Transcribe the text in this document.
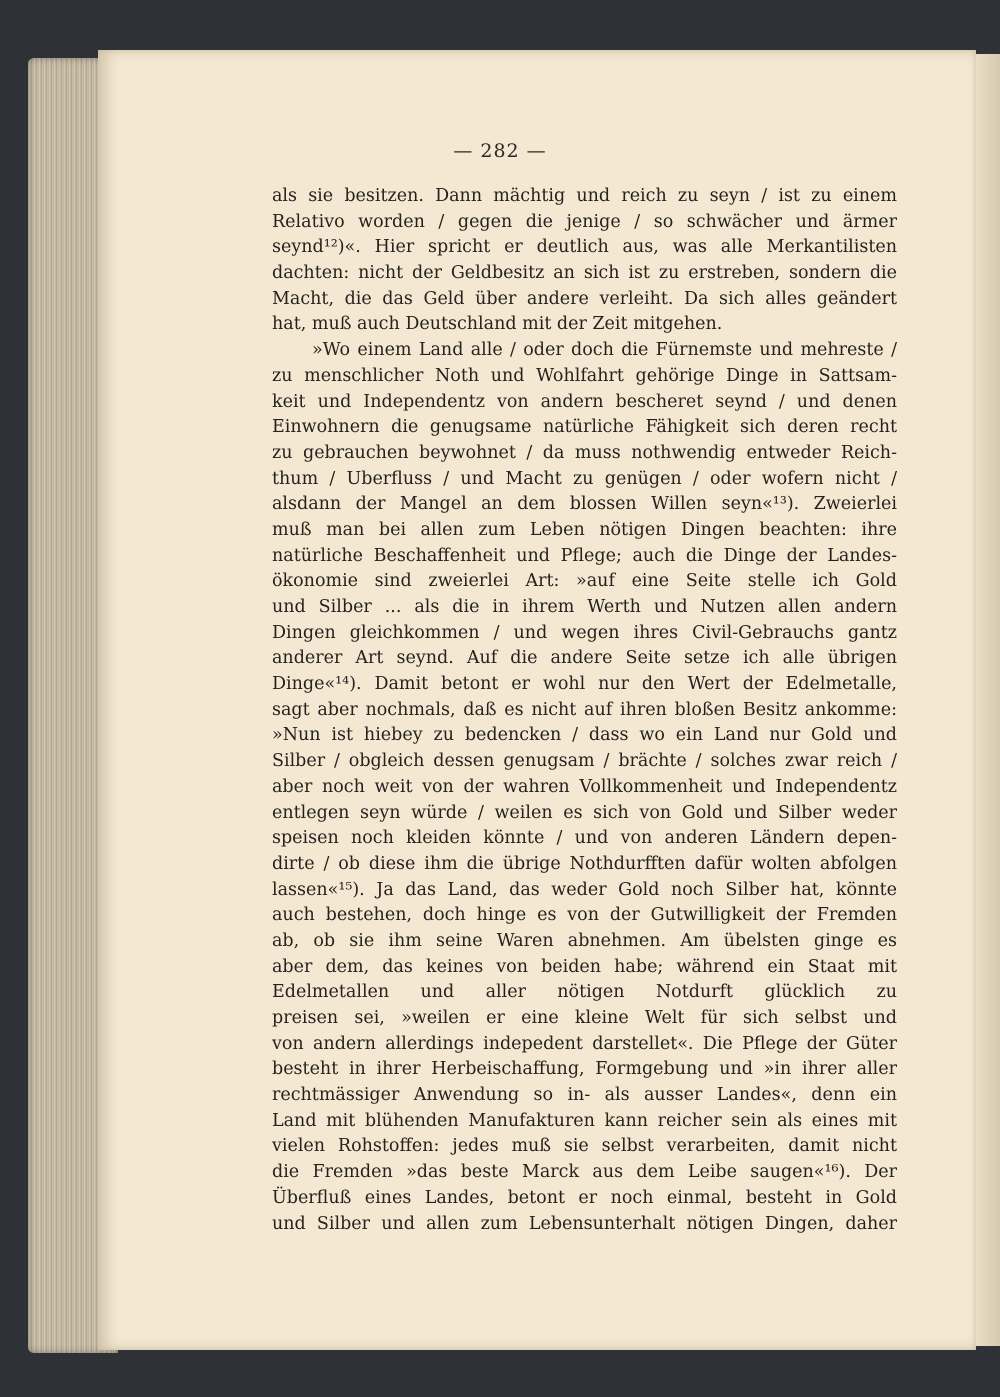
— 282 —
als sie besitzen. Dann mächtig und reich zu seyn / ist zu einem
Relativo worden / gegen die jenige / so schwächer und ärmer
seynd¹²)«. Hier spricht er deutlich aus, was alle Merkantilisten
dachten: nicht der Geldbesitz an sich ist zu erstreben, sondern die
Macht, die das Geld über andere verleiht. Da sich alles geändert
hat, muß auch Deutschland mit der Zeit mitgehen.
»Wo einem Land alle / oder doch die Fürnemste und mehreste /
zu menschlicher Noth und Wohlfahrt gehörige Dinge in Sattsam-
keit und Independentz von andern bescheret seynd / und denen
Einwohnern die genugsame natürliche Fähigkeit sich deren recht
zu gebrauchen beywohnet / da muss nothwendig entweder Reich-
thum / Uberfluss / und Macht zu genügen / oder wofern nicht /
alsdann der Mangel an dem blossen Willen seyn«¹³). Zweierlei
muß man bei allen zum Leben nötigen Dingen beachten: ihre
natürliche Beschaffenheit und Pflege; auch die Dinge der Landes-
ökonomie sind zweierlei Art: »auf eine Seite stelle ich Gold
und Silber ... als die in ihrem Werth und Nutzen allen andern
Dingen gleichkommen / und wegen ihres Civil-Gebrauchs gantz
anderer Art seynd. Auf die andere Seite setze ich alle übrigen
Dinge«¹⁴). Damit betont er wohl nur den Wert der Edelmetalle,
sagt aber nochmals, daß es nicht auf ihren bloßen Besitz ankomme:
»Nun ist hiebey zu bedencken / dass wo ein Land nur Gold und
Silber / obgleich dessen genugsam / brächte / solches zwar reich /
aber noch weit von der wahren Vollkommenheit und Independentz
entlegen seyn würde / weilen es sich von Gold und Silber weder
speisen noch kleiden könnte / und von anderen Ländern depen-
dirte / ob diese ihm die übrige Nothdurfften dafür wolten abfolgen
lassen«¹⁵). Ja das Land, das weder Gold noch Silber hat, könnte
auch bestehen, doch hinge es von der Gutwilligkeit der Fremden
ab, ob sie ihm seine Waren abnehmen. Am übelsten ginge es
aber dem, das keines von beiden habe; während ein Staat mit
Edelmetallen und aller nötigen Notdurft glücklich zu
preisen sei, »weilen er eine kleine Welt für sich selbst und
von andern allerdings indepedent darstellet«. Die Pflege der Güter
besteht in ihrer Herbeischaffung, Formgebung und »in ihrer aller
rechtmässiger Anwendung so in- als ausser Landes«, denn ein
Land mit blühenden Manufakturen kann reicher sein als eines mit
vielen Rohstoffen: jedes muß sie selbst verarbeiten, damit nicht
die Fremden »das beste Marck aus dem Leibe saugen«¹⁶). Der
Überfluß eines Landes, betont er noch einmal, besteht in Gold
und Silber und allen zum Lebensunterhalt nötigen Dingen, daher
